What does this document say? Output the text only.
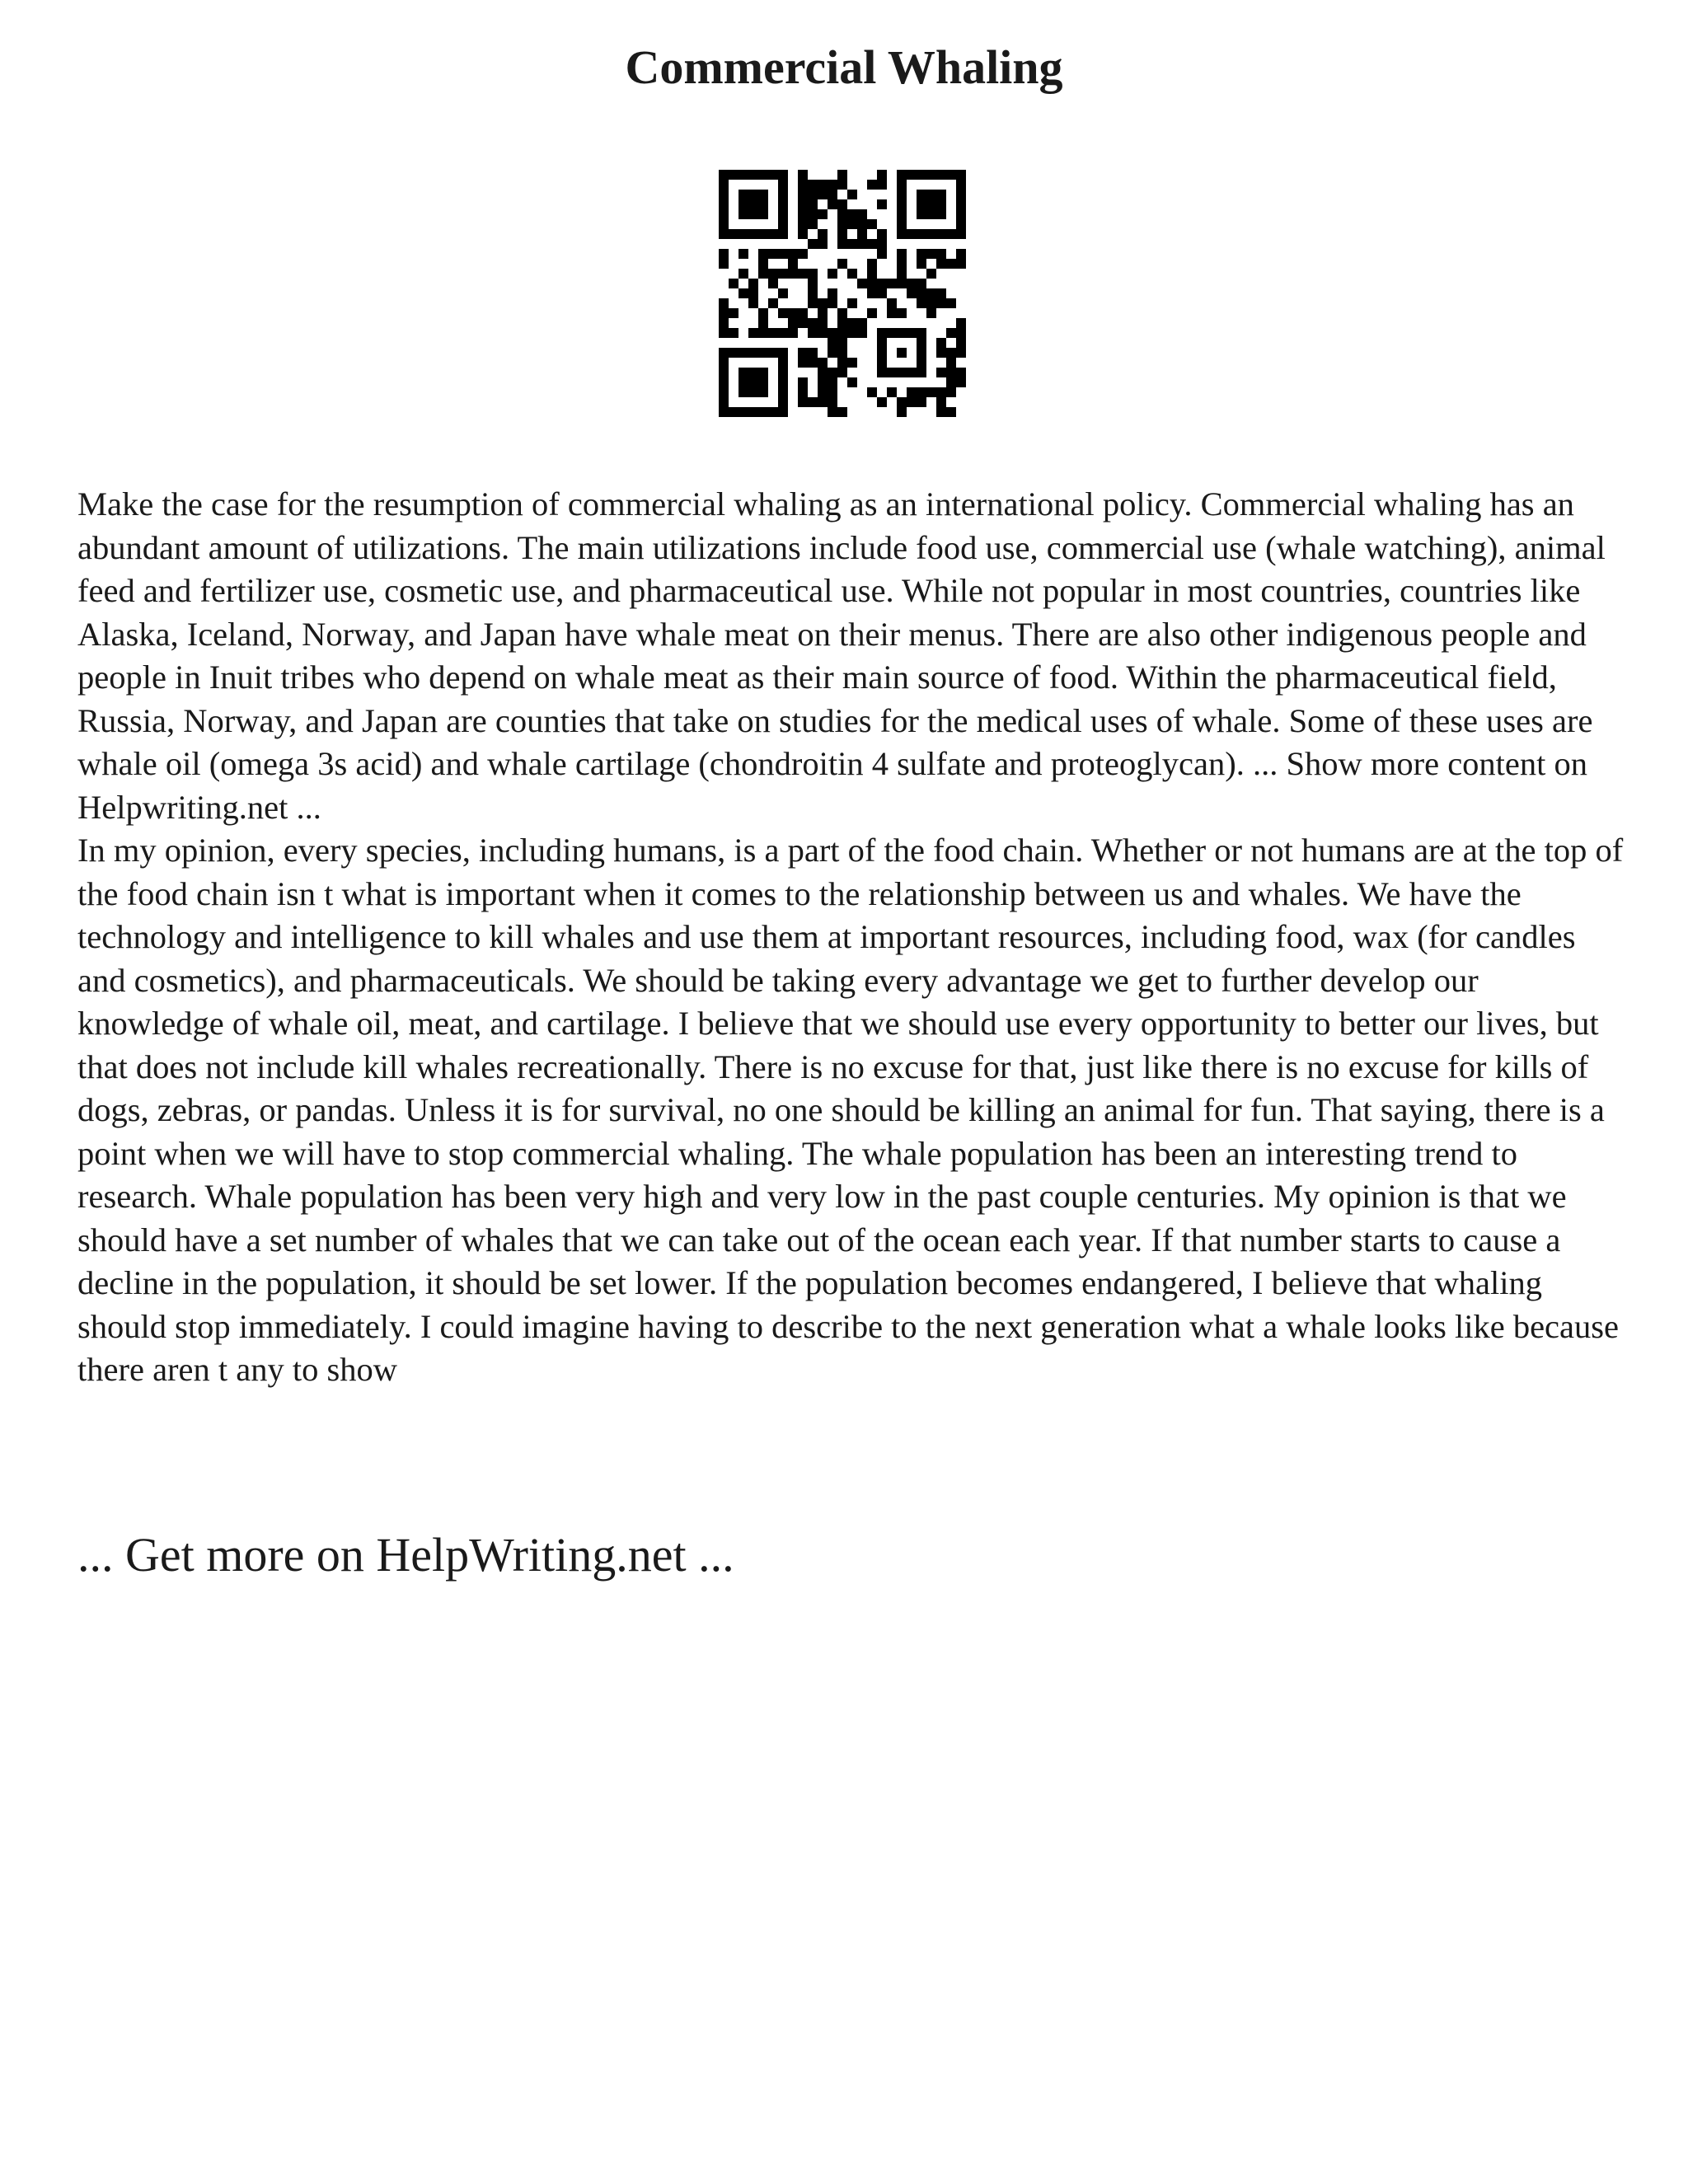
Commercial Whaling

Make the case for the resumption of commercial whaling as an international policy. Commercial whaling has an abundant amount of utilizations. The main utilizations include food use, commercial use (whale watching), animal feed and fertilizer use, cosmetic use, and pharmaceutical use. While not popular in most countries, countries like Alaska, Iceland, Norway, and Japan have whale meat on their menus. There are also other indigenous people and people in Inuit tribes who depend on whale meat as their main source of food. Within the pharmaceutical field, Russia, Norway, and Japan are counties that take on studies for the medical uses of whale. Some of these uses are whale oil (omega 3s acid) and whale cartilage (chondroitin 4 sulfate and proteoglycan). ... Show more content on Helpwriting.net ...

In my opinion, every species, including humans, is a part of the food chain. Whether or not humans are at the top of the food chain isn t what is important when it comes to the relationship between us and whales. We have the technology and intelligence to kill whales and use them at important resources, including food, wax (for candles and cosmetics), and pharmaceuticals. We should be taking every advantage we get to further develop our knowledge of whale oil, meat, and cartilage. I believe that we should use every opportunity to better our lives, but that does not include kill whales recreationally. There is no excuse for that, just like there is no excuse for kills of dogs, zebras, or pandas. Unless it is for survival, no one should be killing an animal for fun. That saying, there is a point when we will have to stop commercial whaling. The whale population has been an interesting trend to research. Whale population has been very high and very low in the past couple centuries. My opinion is that we should have a set number of whales that we can take out of the ocean each year. If that number starts to cause a decline in the population, it should be set lower. If the population becomes endangered, I believe that whaling should stop immediately. I could imagine having to describe to the next generation what a whale looks like because there aren t any to show

... Get more on HelpWriting.net ...
